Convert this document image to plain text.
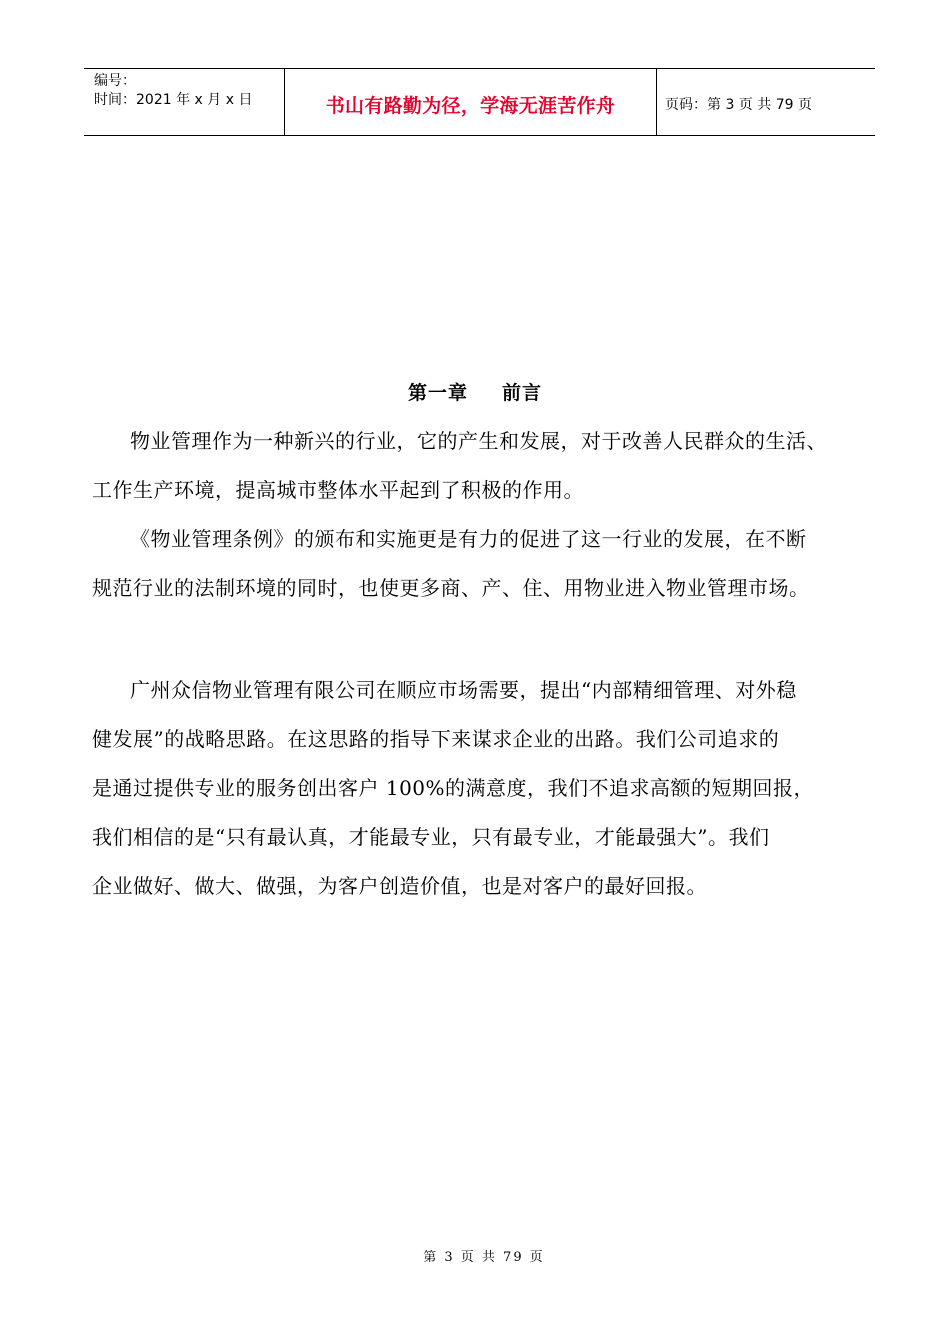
编号：
时间：2021 年 x 月 x 日	书山有路勤为径，学海无涯苦作舟	页码：第 3 页 共 79 页
第一章 前言
物业管理作为一种新兴的行业，它的产生和发展，对于改善人民群众的生活、
工作生产环境，提高城市整体水平起到了积极的作用。
《物业管理条例》的颁布和实施更是有力的促进了这一行业的发展，在不断
规范行业的法制环境的同时，也使更多商、产、住、用物业进入物业管理市场。
广州众信物业管理有限公司在顺应市场需要，提出“内部精细管理、对外稳
健发展”的战略思路。在这思路的指导下来谋求企业的出路。我们公司追求的
是通过提供专业的服务创出客户 100%的满意度，我们不追求高额的短期回报，
我们相信的是“只有最认真，才能最专业，只有最专业，才能最强大”。我们
企业做好、做大、做强，为客户创造价值，也是对客户的最好回报。
第 3 页 共 79 页
